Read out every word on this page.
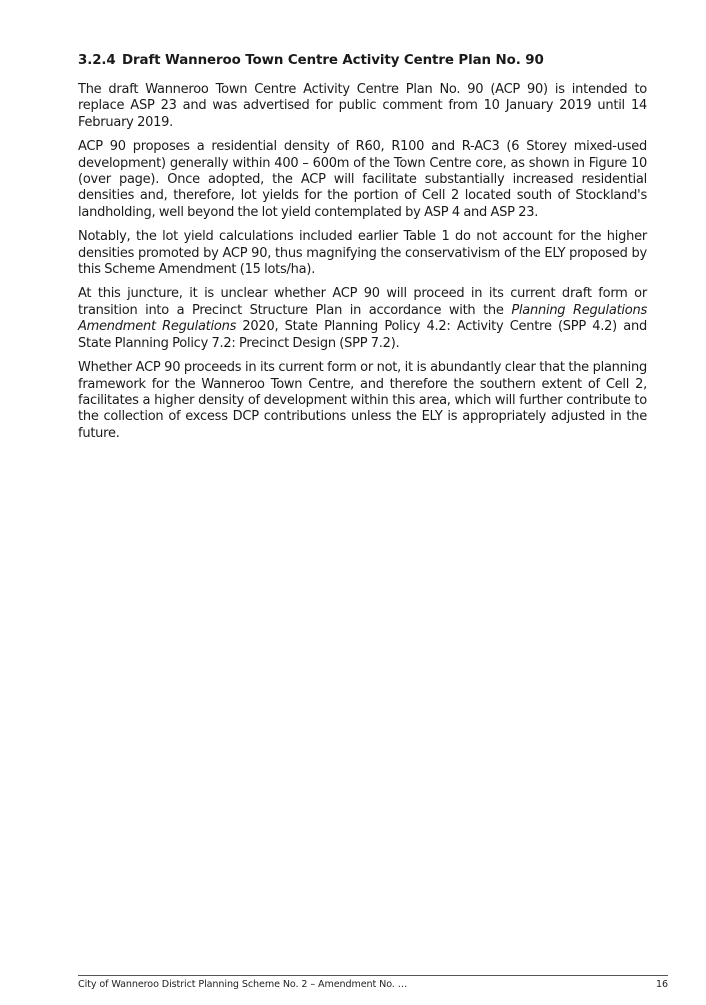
3.2.4 Draft Wanneroo Town Centre Activity Centre Plan No. 90

The draft Wanneroo Town Centre Activity Centre Plan No. 90 (ACP 90) is intended to replace ASP 23 and was advertised for public comment from 10 January 2019 until 14 February 2019.

ACP 90 proposes a residential density of R60, R100 and R-AC3 (6 Storey mixed-used development) generally within 400 – 600m of the Town Centre core, as shown in Figure 10 (over page). Once adopted, the ACP will facilitate substantially increased residential densities and, therefore, lot yields for the portion of Cell 2 located south of Stockland's landholding, well beyond the lot yield contemplated by ASP 4 and ASP 23.

Notably, the lot yield calculations included earlier Table 1 do not account for the higher densities promoted by ACP 90, thus magnifying the conservativism of the ELY proposed by this Scheme Amendment (15 lots/ha).

At this juncture, it is unclear whether ACP 90 will proceed in its current draft form or transition into a Precinct Structure Plan in accordance with the Planning Regulations Amendment Regulations 2020, State Planning Policy 4.2: Activity Centre (SPP 4.2) and State Planning Policy 7.2: Precinct Design (SPP 7.2).

Whether ACP 90 proceeds in its current form or not, it is abundantly clear that the planning framework for the Wanneroo Town Centre, and therefore the southern extent of Cell 2, facilitates a higher density of development within this area, which will further contribute to the collection of excess DCP contributions unless the ELY is appropriately adjusted in the future.

City of Wanneroo District Planning Scheme No. 2 – Amendment No. …	16
